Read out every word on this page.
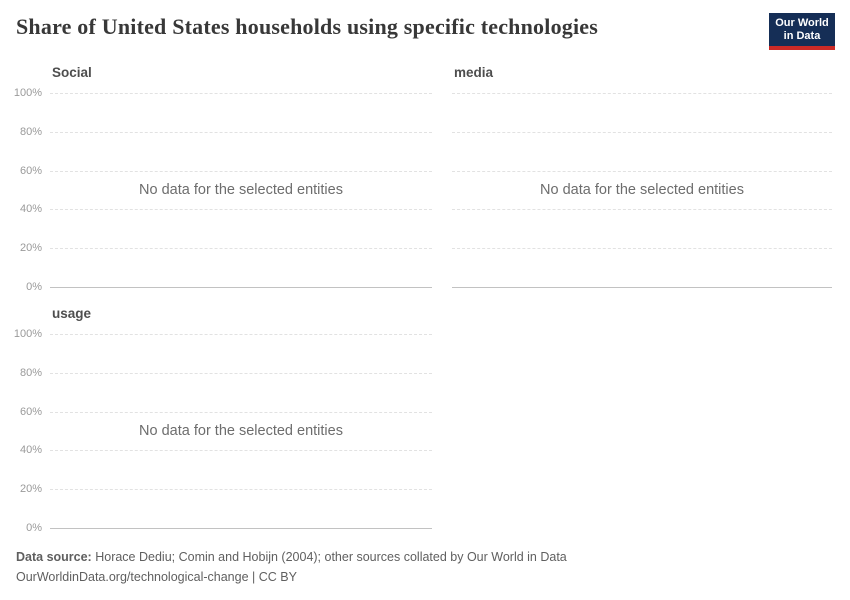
Share of United States households using specific technologies	Our World
in Data
Social
100%
80%
60%
40%
20%
0%
No data for the selected entities
media
No data for the selected entities
usage
100%
80%
60%
40%
20%
0%
No data for the selected entities
Data source: Horace Dediu; Comin and Hobijn (2004); other sources collated by Our World in Data
OurWorldinData.org/technological-change | CC BY
